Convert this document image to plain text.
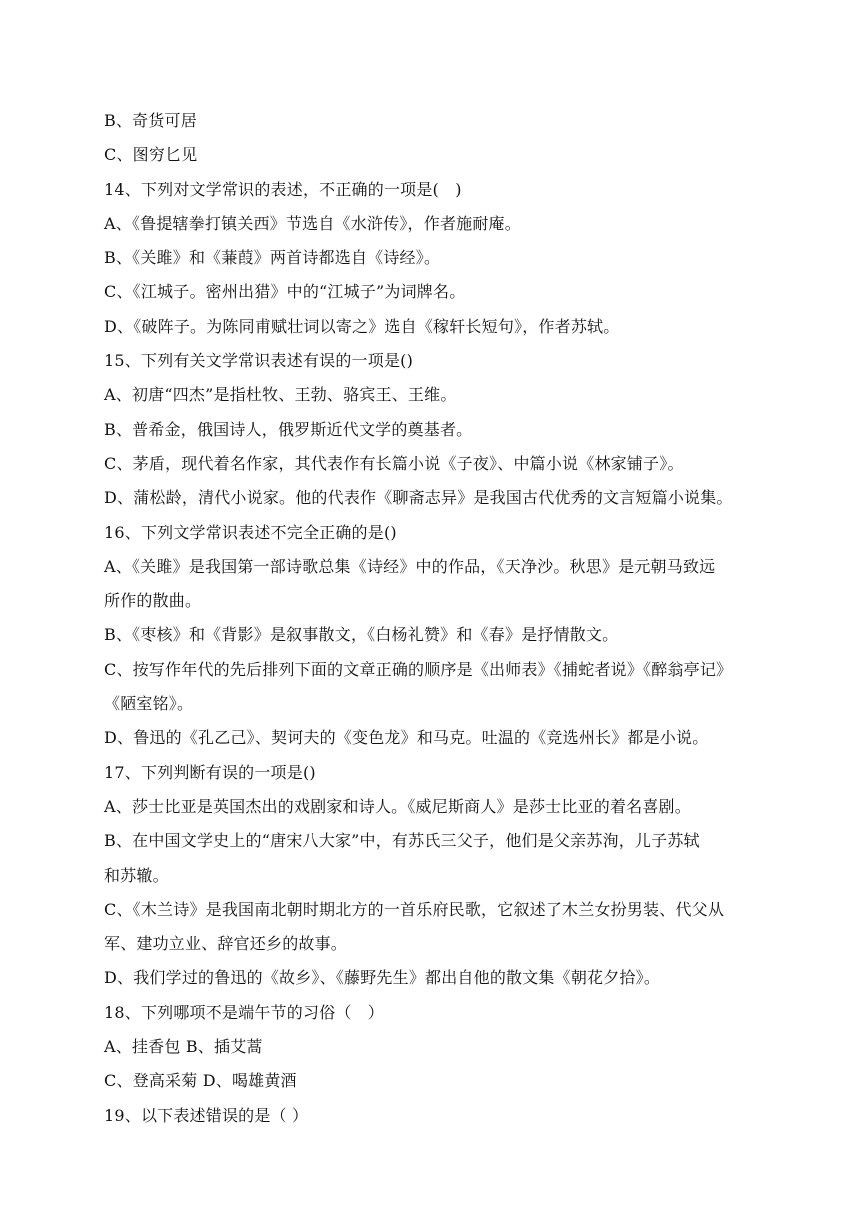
B、奇货可居
C、图穷匕见
14、下列对文学常识的表述，不正确的一项是(　)
A、《鲁提辖拳打镇关西》节选自《水浒传》，作者施耐庵。
B、《关雎》和《蒹葭》两首诗都选自《诗经》。
C、《江城子。密州出猎》中的“江城子”为词牌名。
D、《破阵子。为陈同甫赋壮词以寄之》选自《稼轩长短句》，作者苏轼。
15、下列有关文学常识表述有误的一项是()
A、初唐“四杰”是指杜牧、王勃、骆宾王、王维。
B、普希金，俄国诗人，俄罗斯近代文学的奠基者。
C、茅盾，现代着名作家，其代表作有长篇小说《子夜》、中篇小说《林家铺子》。
D、蒲松龄，清代小说家。他的代表作《聊斋志异》是我国古代优秀的文言短篇小说集。
16、下列文学常识表述不完全正确的是()
A、《关雎》是我国第一部诗歌总集《诗经》中的作品，《天净沙。秋思》是元朝马致远
所作的散曲。
B、《枣核》和《背影》是叙事散文，《白杨礼赞》和《春》是抒情散文。
C、按写作年代的先后排列下面的文章正确的顺序是《出师表》《捕蛇者说》《醉翁亭记》
《陋室铭》。
D、鲁迅的《孔乙己》、契诃夫的《变色龙》和马克。吐温的《竞选州长》都是小说。
17、下列判断有误的一项是()
A、莎士比亚是英国杰出的戏剧家和诗人。《威尼斯商人》是莎士比亚的着名喜剧。
B、在中国文学史上的“唐宋八大家”中，有苏氏三父子，他们是父亲苏洵，儿子苏轼
和苏辙。
C、《木兰诗》是我国南北朝时期北方的一首乐府民歌，它叙述了木兰女扮男装、代父从
军、建功立业、辞官还乡的故事。
D、我们学过的鲁迅的《故乡》、《藤野先生》都出自他的散文集《朝花夕拾》。
18、下列哪项不是端午节的习俗（　）
A、挂香包 B、插艾蒿
C、登高采菊 D、喝雄黄酒
19、以下表述错误的是（ ）
